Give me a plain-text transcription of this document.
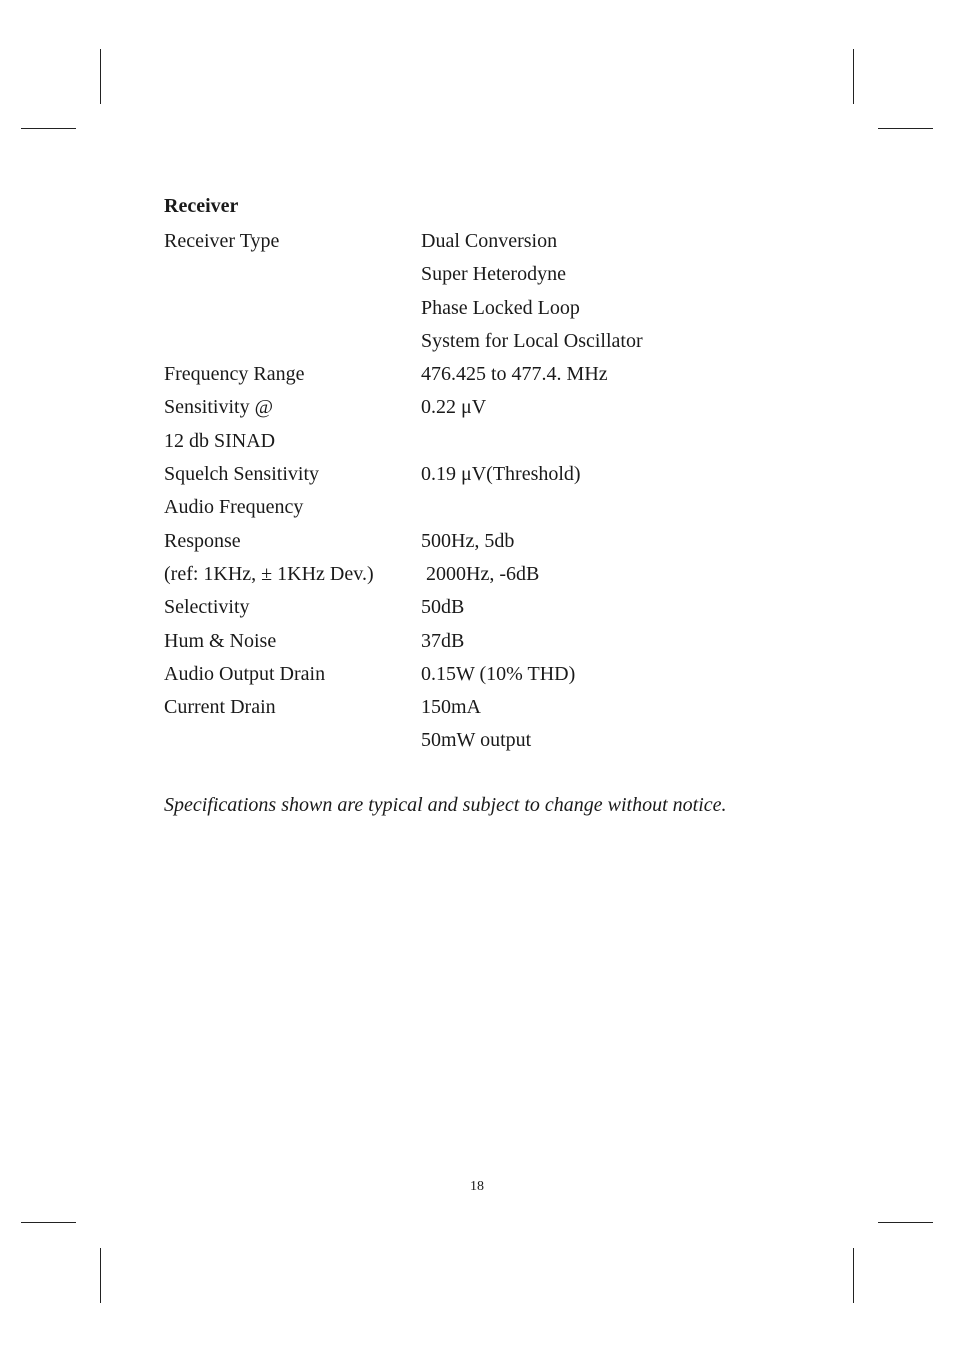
Receiver
Receiver Type	Dual Conversion
Super Heterodyne
Phase Locked Loop
System for Local Oscillator
Frequency Range	476.425 to 477.4. MHz
Sensitivity @	0.22 μV
12 db SINAD
Squelch Sensitivity	0.19 μV(Threshold)
Audio Frequency
Response	500Hz, 5db
(ref: 1KHz, ± 1KHz Dev.)	2000Hz, -6dB
Selectivity	50dB
Hum & Noise	37dB
Audio Output Drain	0.15W (10% THD)
Current Drain	150mA
50mW output
Specifications shown are typical and subject to change without notice.
18
